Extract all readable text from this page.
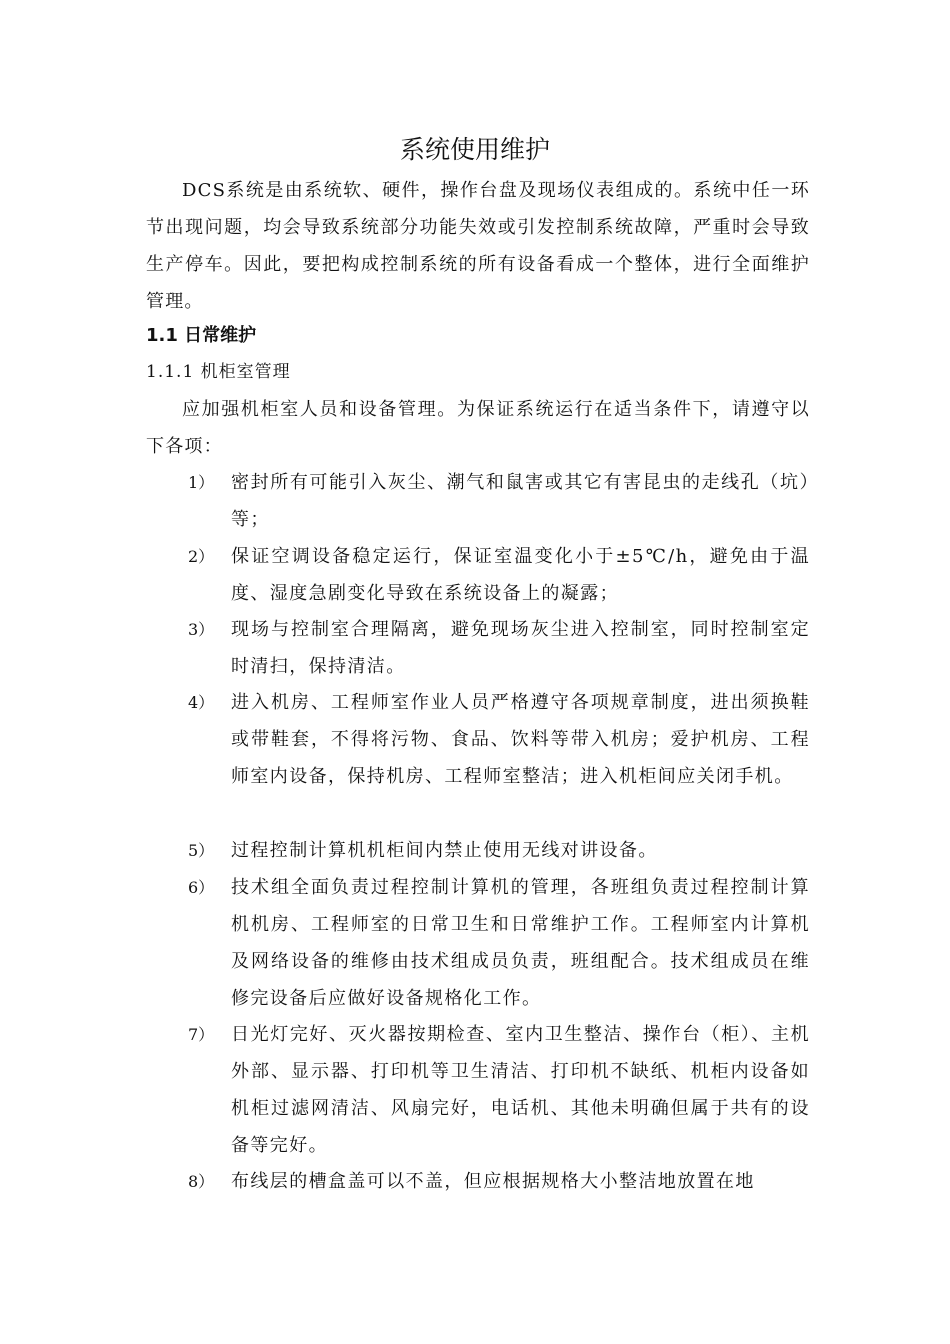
系统使用维护
DCS系统是由系统软、硬件，操作台盘及现场仪表组成的。系统中任一环节出现问题，均会导致系统部分功能失效或引发控制系统故障，严重时会导致生产停车。因此，要把构成控制系统的所有设备看成一个整体，进行全面维护管理。
1.1 日常维护
1.1.1 机柜室管理
应加强机柜室人员和设备管理。为保证系统运行在适当条件下，请遵守以下各项：
1） 密封所有可能引入灰尘、潮气和鼠害或其它有害昆虫的走线孔（坑）等；
2） 保证空调设备稳定运行，保证室温变化小于±5℃/h，避免由于温度、湿度急剧变化导致在系统设备上的凝露；
3） 现场与控制室合理隔离，避免现场灰尘进入控制室，同时控制室定时清扫，保持清洁。
4） 进入机房、工程师室作业人员严格遵守各项规章制度，进出须换鞋或带鞋套，不得将污物、食品、饮料等带入机房；爱护机房、工程师室内设备，保持机房、工程师室整洁；进入机柜间应关闭手机。
5） 过程控制计算机机柜间内禁止使用无线对讲设备。
6） 技术组全面负责过程控制计算机的管理，各班组负责过程控制计算机机房、工程师室的日常卫生和日常维护工作。工程师室内计算机及网络设备的维修由技术组成员负责，班组配合。技术组成员在维修完设备后应做好设备规格化工作。
7） 日光灯完好、灭火器按期检查、室内卫生整洁、操作台（柜）、主机外部、显示器、打印机等卫生清洁、打印机不缺纸、机柜内设备如机柜过滤网清洁、风扇完好，电话机、其他未明确但属于共有的设备等完好。
8） 布线层的槽盒盖可以不盖，但应根据规格大小整洁地放置在地
